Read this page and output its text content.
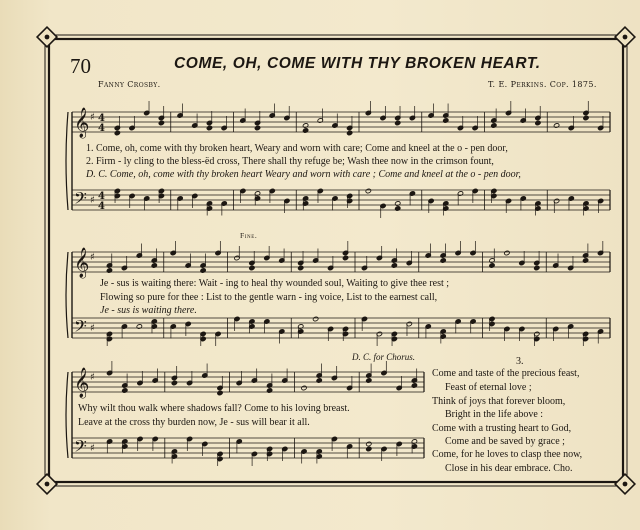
𝄞
𝄢
♯
♯
4
4
4
4
𝄞
𝄢
♯
♯
𝄞
𝄢
♯
♯
70	COME, OH, COME WITH THY BROKEN HEART.
Fanny Crosby.	T. E. Perkins. Cop. 1875.
1. Come, oh, come with thy broken heart, Weary and worn with care; Come and kneel at the o - pen door,
2. Firm - ly cling to the bless-ëd cross, There shall thy refuge be; Wash thee now in the crimson fount,
D. C. Come, oh, come with thy broken heart Weary and worn with care ; Come and kneel at the o - pen door,
Fine.
Je - sus is waiting there: Wait - ing to heal thy wounded soul, Waiting to give thee rest ;
Flowing so pure for thee : List to the gentle warn - ing voice, List to the earnest call,
Je - sus is waiting there.
D. C. for Chorus.
Why wilt thou walk where shadows fall? Come to his loving breast.
Leave at the cross thy burden now, Je - sus will bear it all.
3.
Come and taste of the precious feast,
Feast of eternal love ;
Think of joys that forever bloom,
Bright in the life above :
Come with a trusting heart to God,
Come and be saved by grace ;
Come, for he loves to clasp thee now,
Close in his dear embrace. Cho.
